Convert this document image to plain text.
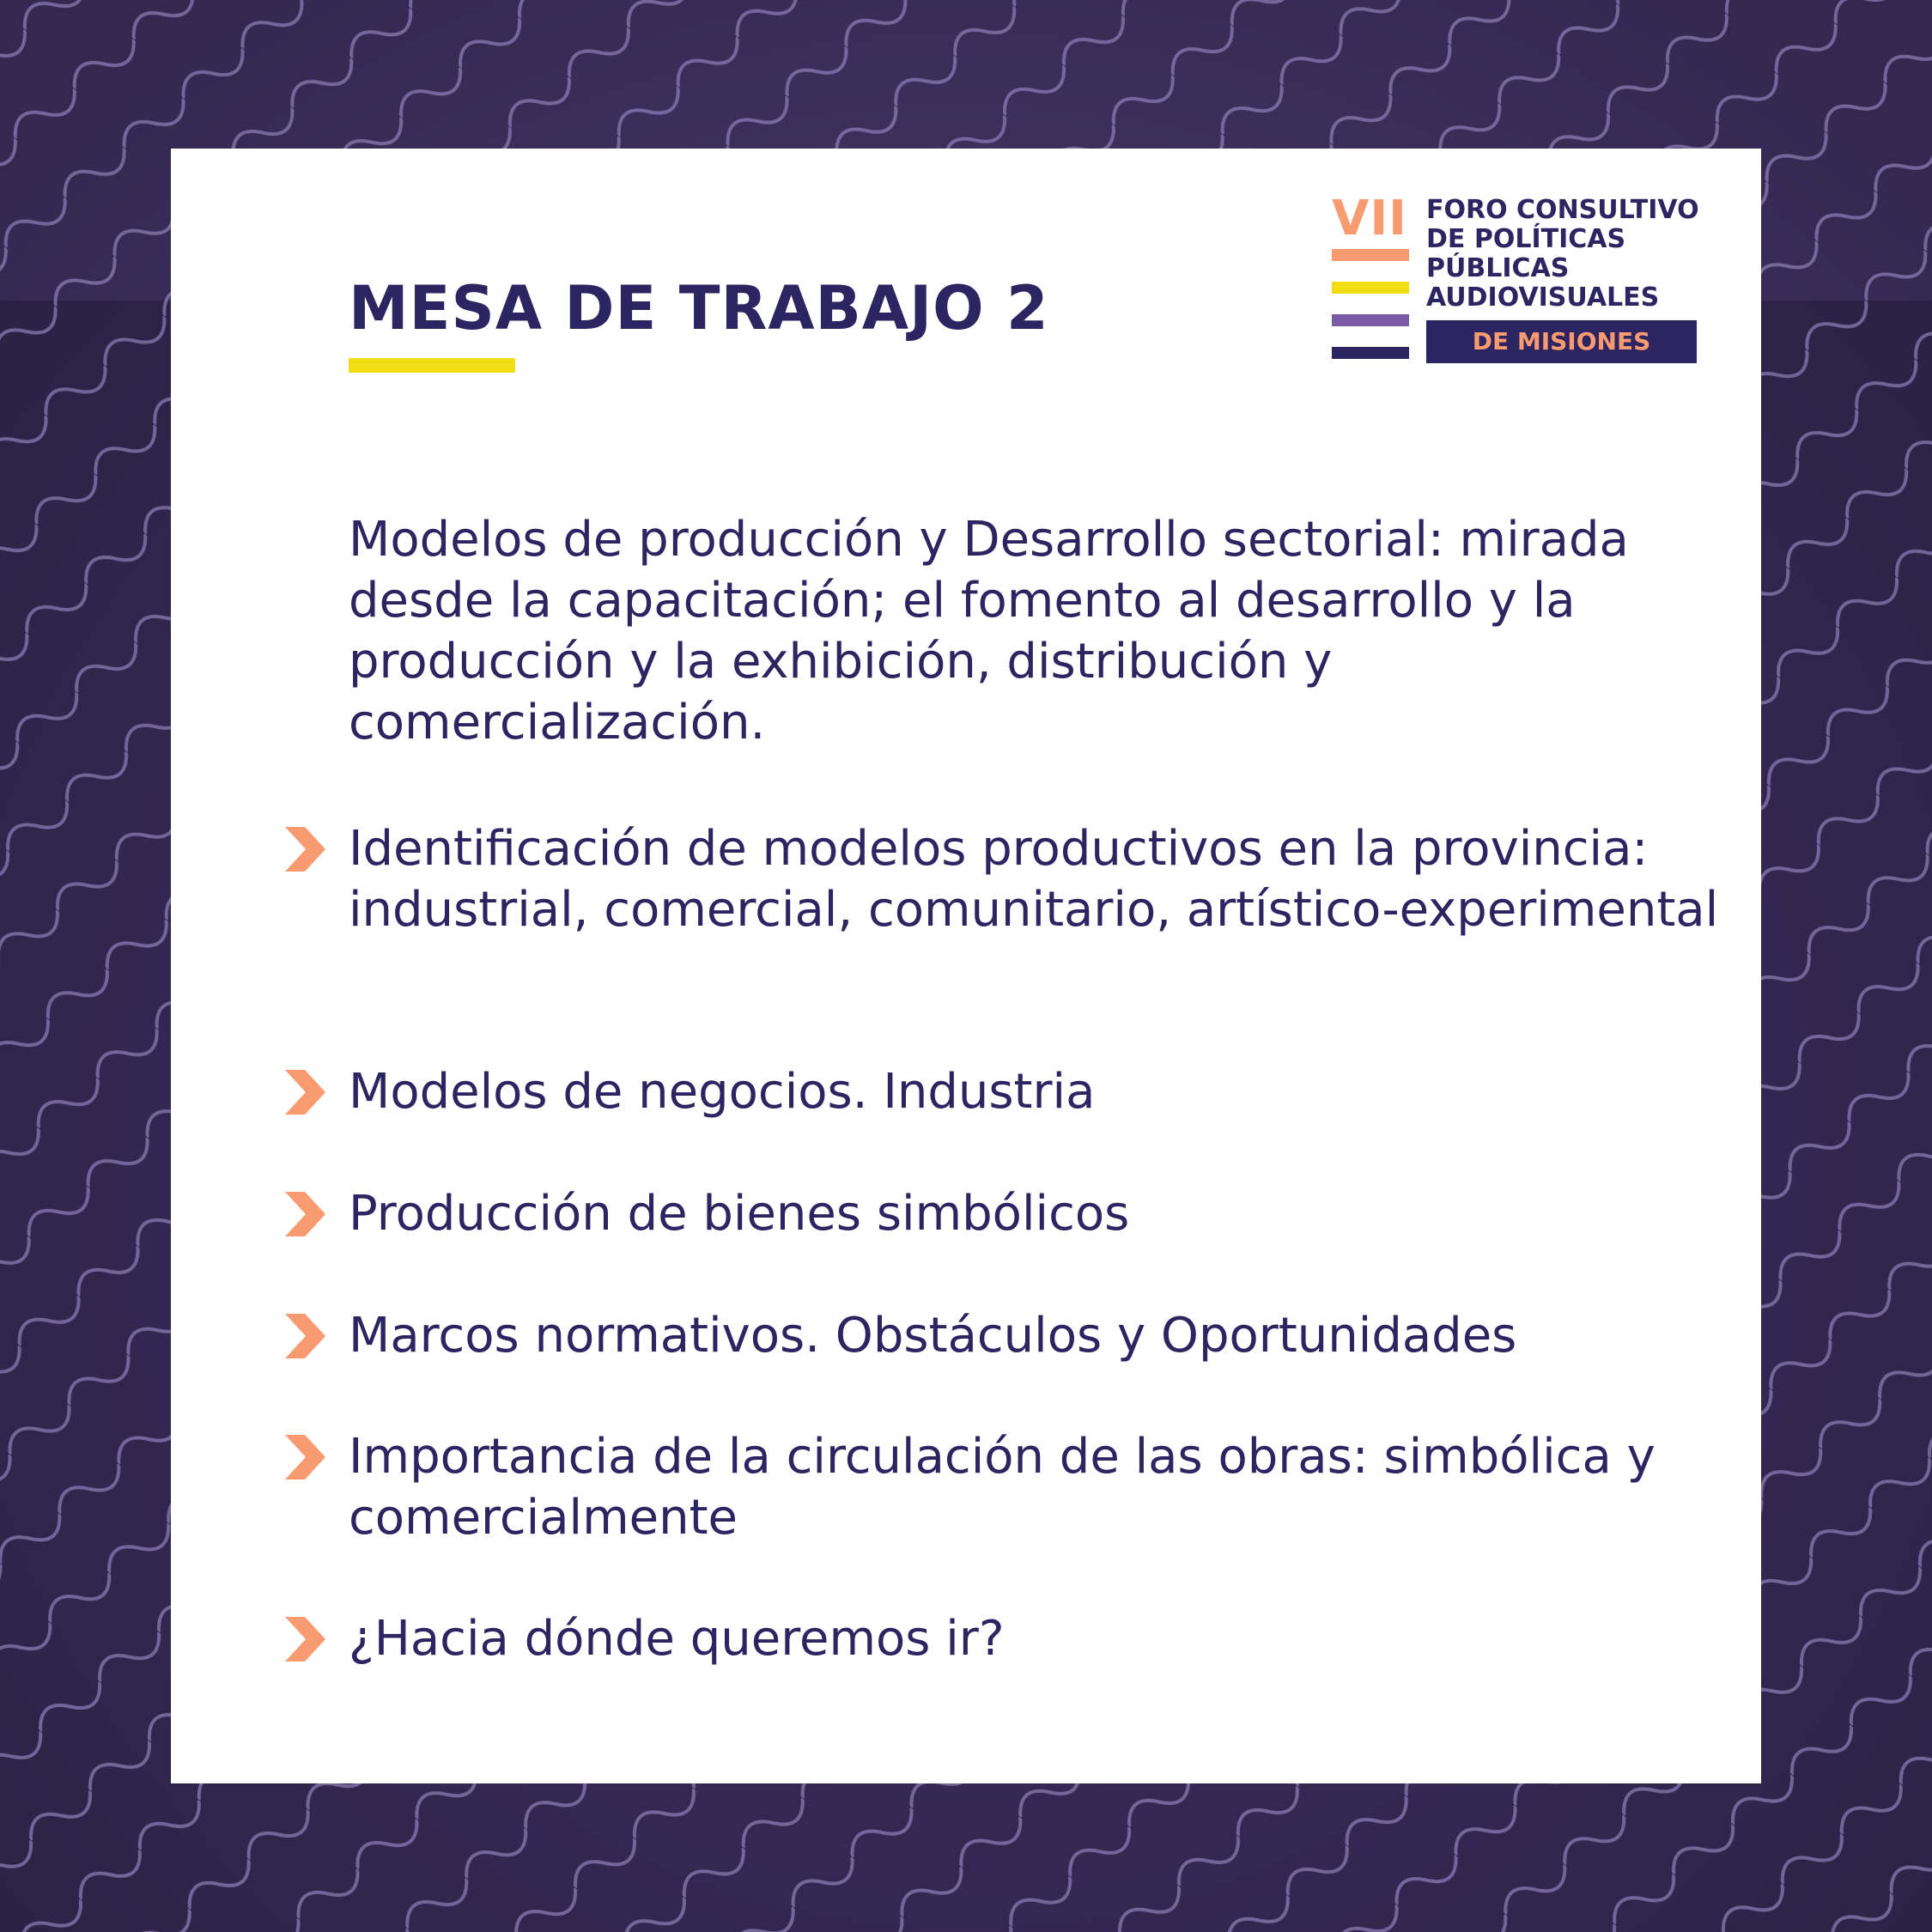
MESA DE TRABAJO 2

VII FORO CONSULTIVO

DE POLÍTICAS

PÚBLICAS

AUDIOVISUALES

DE MISIONES

Modelos de producción y Desarrollo sectorial: mirada desde la capacitación; el fomento al desarrollo y la producción y la exhibición, distribución y comercialización.

Identificación de modelos productivos en la provincia: industrial, comercial, comunitario, artístico-experimental

Modelos de negocios. Industria

Producción de bienes simbólicos

Marcos normativos. Obstáculos y Oportunidades

Importancia de la circulación de las obras: simbólica y comercialmente

¿Hacia dónde queremos ir?
